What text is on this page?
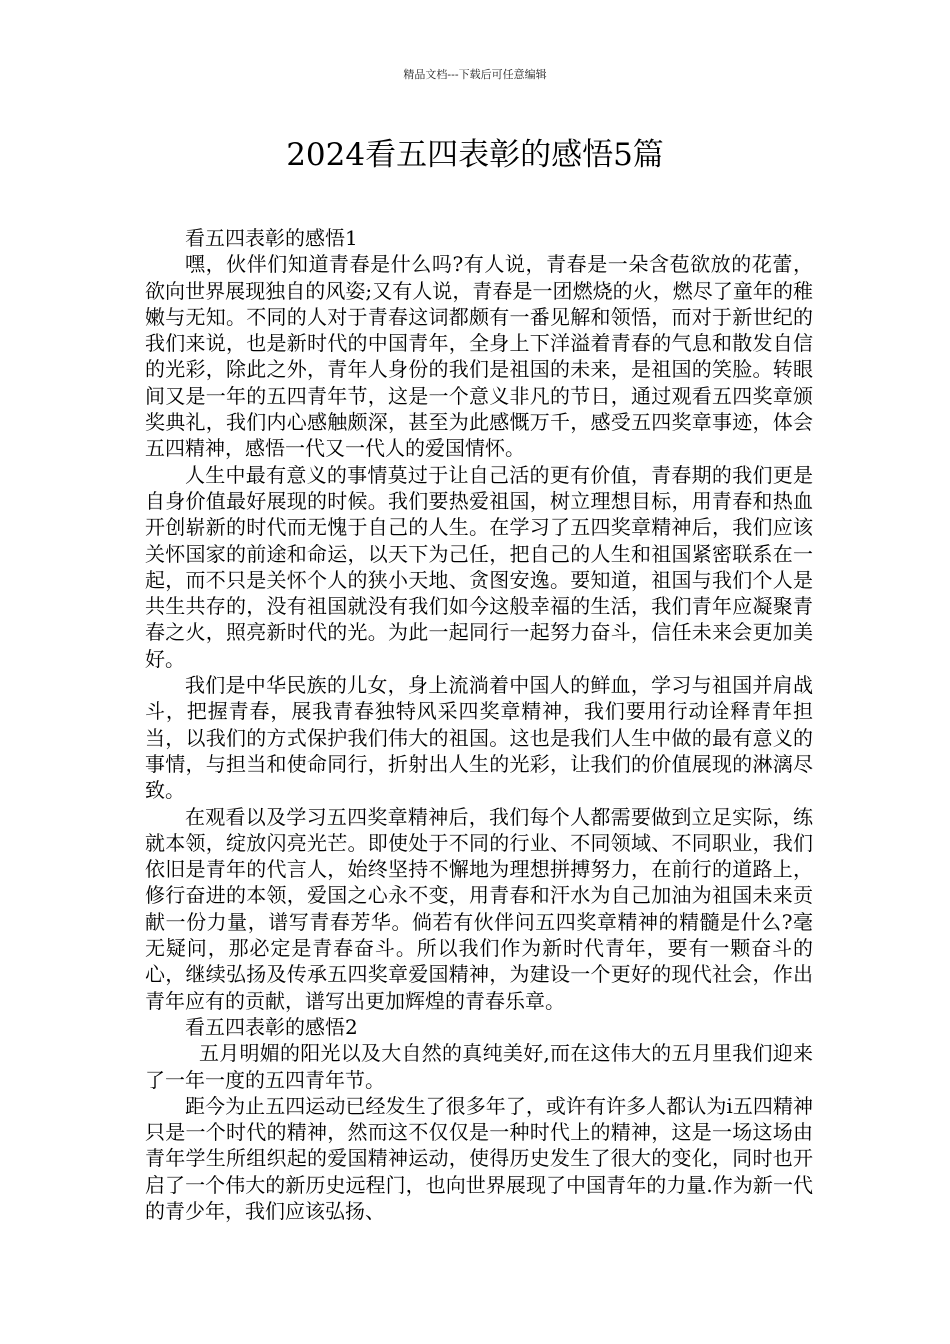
精品文档---下载后可任意编辑
2024看五四表彰的感悟5篇

看五四表彰的感悟1

嘿，伙伴们知道青春是什么吗?有人说，青春是一朵含苞欲放的花蕾，欲向世界展现独自的风姿;又有人说，青春是一团燃烧的火，燃尽了童年的稚嫩与无知。不同的人对于青春这词都颇有一番见解和领悟，而对于新世纪的我们来说，也是新时代的中国青年，全身上下洋溢着青春的气息和散发自信的光彩，除此之外，青年人身份的我们是祖国的未来，是祖国的笑脸。转眼间又是一年的五四青年节，这是一个意义非凡的节日，通过观看五四奖章颁奖典礼，我们内心感触颇深，甚至为此感慨万千，感受五四奖章事迹，体会五四精神，感悟一代又一代人的爱国情怀。

人生中最有意义的事情莫过于让自己活的更有价值，青春期的我们更是自身价值最好展现的时候。我们要热爱祖国，树立理想目标，用青春和热血开创崭新的时代而无愧于自己的人生。在学习了五四奖章精神后，我们应该关怀国家的前途和命运，以天下为己任，把自己的人生和祖国紧密联系在一起，而不只是关怀个人的狭小天地、贪图安逸。要知道，祖国与我们个人是共生共存的，没有祖国就没有我们如今这般幸福的生活，我们青年应凝聚青春之火，照亮新时代的光。为此一起同行一起努力奋斗，信任未来会更加美好。

我们是中华民族的儿女，身上流淌着中国人的鲜血，学习与祖国并肩战斗，把握青春，展我青春独特风采四奖章精神，我们要用行动诠释青年担当，以我们的方式保护我们伟大的祖国。这也是我们人生中做的最有意义的事情，与担当和使命同行，折射出人生的光彩，让我们的价值展现的淋漓尽致。

在观看以及学习五四奖章精神后，我们每个人都需要做到立足实际，练就本领，绽放闪亮光芒。即使处于不同的行业、不同领域、不同职业，我们依旧是青年的代言人，始终坚持不懈地为理想拼搏努力，在前行的道路上，修行奋进的本领，爱国之心永不变，用青春和汗水为自己加油为祖国未来贡献一份力量，谱写青春芳华。倘若有伙伴问五四奖章精神的精髓是什么?毫无疑问，那必定是青春奋斗。所以我们作为新时代青年，要有一颗奋斗的心，继续弘扬及传承五四奖章爱国精神，为建设一个更好的现代社会，作出青年应有的贡献，谱写出更加辉煌的青春乐章。

看五四表彰的感悟2

五月明媚的阳光以及大自然的真纯美好,而在这伟大的五月里我们迎来了一年一度的五四青年节。

距今为止五四运动已经发生了很多年了，或许有许多人都认为i五四精神只是一个时代的精神，然而这不仅仅是一种时代上的精神，这是一场这场由青年学生所组织起的爱国精神运动，使得历史发生了很大的变化，同时也开启了一个伟大的新历史远程门，也向世界展现了中国青年的力量.作为新一代的青少年，我们应该弘扬、
